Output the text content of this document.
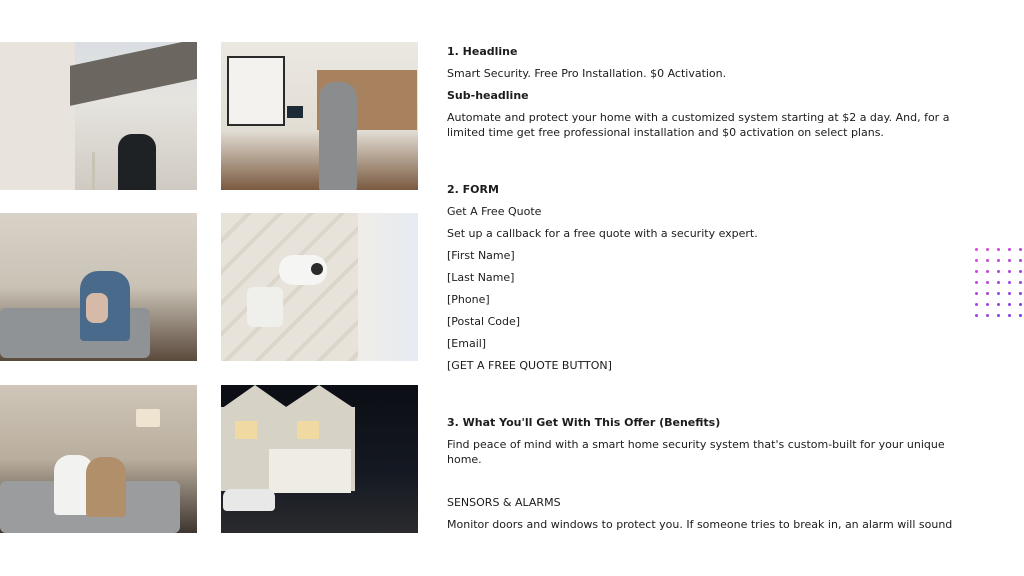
1. Headline
Smart Security. Free Pro Installation. $0 Activation.
Sub-headline
Automate and protect your home with a customized system starting at $2 a day. And, for a
limited time get free professional installation and $0 activation on select plans.
2. FORM
Get A Free Quote
Set up a callback for a free quote with a security expert.
[First Name]
[Last Name]
[Phone]
[Postal Code]
[Email]
[GET A FREE QUOTE BUTTON]
3. What You'll Get With This Offer (Benefits)
Find peace of mind with a smart home security system that's custom-built for your unique
home.
SENSORS & ALARMS
Monitor doors and windows to protect you. If someone tries to break in, an alarm will sound
